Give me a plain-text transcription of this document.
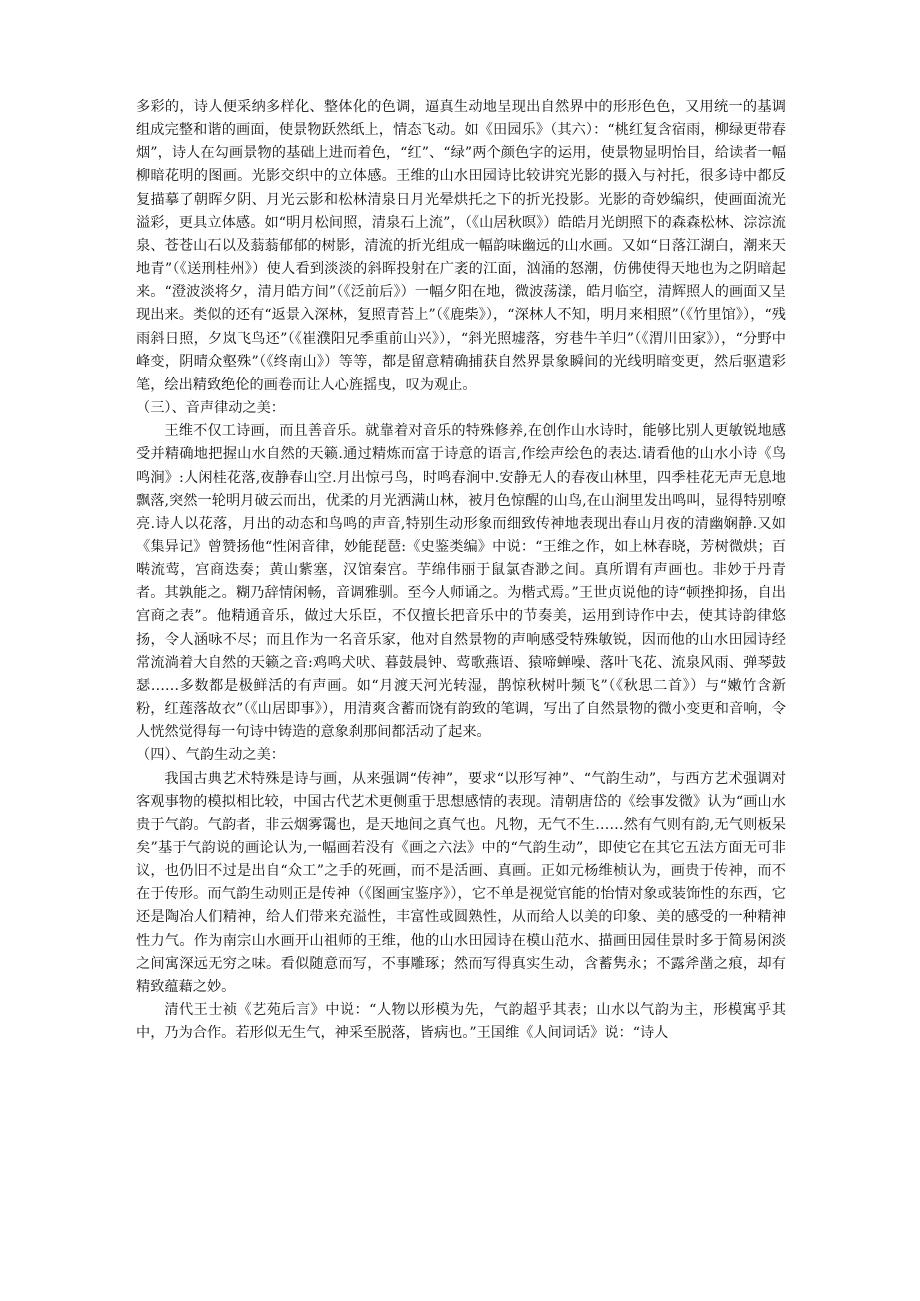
多彩的，诗人便采纳多样化、整体化的色调，逼真生动地呈现出自然界中的形形色色，又用统一的基调组成完整和谐的画面，使景物跃然纸上，情态飞动。如《田园乐》（其六）：“桃红复含宿雨，柳绿更带春烟”，诗人在勾画景物的基础上进而着色，“红”、“绿”两个颜色字的运用，使景物显明怡目，给读者一幅柳暗花明的图画。光影交织中的立体感。王维的山水田园诗比较讲究光影的摄入与衬托，很多诗中都反复描摹了朝晖夕阴、月光云影和松林清泉日月光晕烘托之下的折光投影。光影的奇妙编织，使画面流光溢彩，更具立体感。如“明月松间照，清泉石上流”，（《山居秋暝》）皓皓月光朗照下的森森松林、淙淙流泉、苍苍山石以及蓊蓊郁郁的树影，清流的折光组成一幅韵味幽远的山水画。又如“日落江湖白，潮来天地青”（《送刑桂州》）使人看到淡淡的斜晖投射在广袤的江面，汹涌的怒潮，仿佛使得天地也为之阴暗起来。“澄波淡将夕，清月皓方间”（《泛前后》）一幅夕阳在地，微波荡漾，皓月临空，清辉照人的画面又呈现出来。类似的还有“返景入深林，复照青苔上”（《鹿柴》），“深林人不知，明月来相照”（《竹里馆》），“残雨斜日照，夕岚飞鸟还”（《崔濮阳兄季重前山兴》），“斜光照墟落，穷巷牛羊归”（《渭川田家》），“分野中峰变，阴晴众壑殊”（《终南山》）等等，都是留意精确捕获自然界景象瞬间的光线明暗变更，然后驱遣彩笔，绘出精致绝伦的画卷而让人心旌摇曳，叹为观止。

（三）、音声律动之美：

王维不仅工诗画，而且善音乐。就靠着对音乐的特殊修养,在创作山水诗时，能够比别人更敏锐地感受并精确地把握山水自然的天籁.通过精炼而富于诗意的语言,作绘声绘色的表达.请看他的山水小诗《鸟鸣涧》:人闲桂花落,夜静春山空.月出惊弓鸟，时鸣春涧中.安静无人的春夜山林里，四季桂花无声无息地飘落,突然一轮明月破云而出，优柔的月光洒满山林，被月色惊醒的山鸟,在山涧里发出鸣叫，显得特别嘹亮.诗人以花落，月出的动态和鸟鸣的声音,特别生动形象而细致传神地表现出春山月夜的清幽娴静.又如《集异记》曾赞扬他“性闲音律，妙能琵琶:《史鉴类编》中说：“王维之作，如上林春晓，芳树微烘；百啭流莺，宫商迭奏；黄山紫塞，汉馆秦宫。芋绵伟丽于鼠氯杳渺之间。真所谓有声画也。非妙于丹青者。其孰能之。糊乃辞情闲畅，音调雅驯。至今人师诵之。为楷式焉。”王世贞说他的诗“顿挫抑扬，自出宫商之表”。他精通音乐，做过大乐臣，不仅擅长把音乐中的节奏美，运用到诗作中去，使其诗韵律悠扬，令人涵咏不尽；而且作为一名音乐家，他对自然景物的声响感受特殊敏锐，因而他的山水田园诗经常流淌着大自然的天籁之音:鸡鸣犬吠、暮鼓晨钟、莺歌燕语、猿啼蝉噪、落叶飞花、流泉风雨、弹琴鼓瑟……多数都是极鲜活的有声画。如“月渡天河光转湿，鹊惊秋树叶频飞”（《秋思二首》）与“嫩竹含新粉，红莲落故衣”（《山居即事》），用清爽含蓄而饶有韵致的笔调，写出了自然景物的微小变更和音响，令人恍然觉得每一句诗中铸造的意象刹那间都活动了起来。

（四）、气韵生动之美：

我国古典艺术特殊是诗与画，从来强调“传神”，要求“以形写神”、“气韵生动”，与西方艺术强调对客观事物的模拟相比较，中国古代艺术更侧重于思想感情的表现。清朝唐岱的《绘事发微》认为“画山水贵于气韵。气韵者，非云烟雾霭也，是天地间之真气也。凡物，无气不生……然有气则有韵,无气则板呆矣”基于气韵说的画论认为,一幅画若没有《画之六法》中的“气韵生动”，即使它在其它五法方面无可非议，也仍旧不过是出自“众工”之手的死画，而不是活画、真画。正如元杨维桢认为，画贵于传神，而不在于传形。而气韵生动则正是传神（《图画宝鉴序》），它不单是视觉官能的怡情对象或装饰性的东西，它还是陶冶人们精神，给人们带来充溢性，丰富性或圆熟性，从而给人以美的印象、美的感受的一种精神性力气。作为南宗山水画开山祖师的王维，他的山水田园诗在模山范水、描画田园佳景时多于简易闲淡之间寓深远无穷之味。看似随意而写，不事雕琢；然而写得真实生动，含蓄隽永；不露斧凿之痕，却有精致蕴藉之妙。

清代王士祯《艺苑后言》中说：“人物以形模为先，气韵超乎其表；山水以气韵为主，形模寓乎其中，乃为合作。若形似无生气，神采至脱落，皆病也。”王国维《人间词话》说：“诗人
